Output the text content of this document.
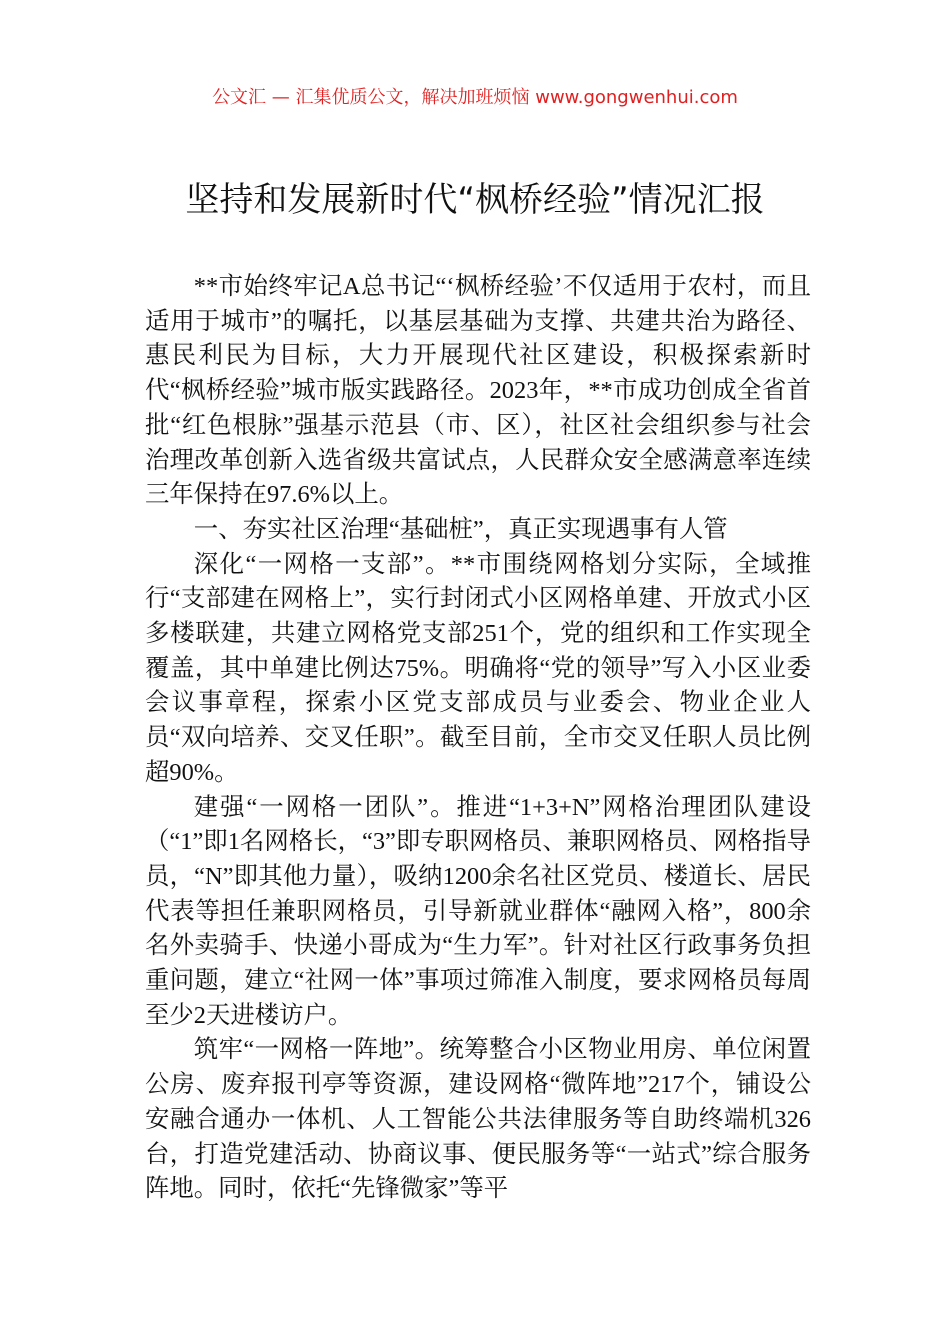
公文汇 — 汇集优质公文，解决加班烦恼 www.gongwenhui.com
坚持和发展新时代“枫桥经验”情况汇报

**市始终牢记A总书记“‘枫桥经验’不仅适用于农村，而且适用于城市”的嘱托，以基层基础为支撑、共建共治为路径、惠民利民为目标，大力开展现代社区建设，积极探索新时代“枫桥经验”城市版实践路径。2023年，**市成功创成全省首批“红色根脉”强基示范县（市、区），社区社会组织参与社会治理改革创新入选省级共富试点，人民群众安全感满意率连续三年保持在97.6%以上。

一、夯实社区治理“基础桩”，真正实现遇事有人管

深化“一网格一支部”。**市围绕网格划分实际，全域推行“支部建在网格上”，实行封闭式小区网格单建、开放式小区多楼联建，共建立网格党支部251个，党的组织和工作实现全覆盖，其中单建比例达75%。明确将“党的领导”写入小区业委会议事章程，探索小区党支部成员与业委会、物业企业人员“双向培养、交叉任职”。截至目前，全市交叉任职人员比例超90%。

建强“一网格一团队”。推进“1+3+N”网格治理团队建设（“1”即1名网格长，“3”即专职网格员、兼职网格员、网格指导员，“N”即其他力量），吸纳1200余名社区党员、楼道长、居民代表等担任兼职网格员，引导新就业群体“融网入格”，800余名外卖骑手、快递小哥成为“生力军”。针对社区行政事务负担重问题，建立“社网一体”事项过筛准入制度，要求网格员每周至少2天进楼访户。

筑牢“一网格一阵地”。统筹整合小区物业用房、单位闲置公房、废弃报刊亭等资源，建设网格“微阵地”217个，铺设公安融合通办一体机、人工智能公共法律服务等自助终端机326台，打造党建活动、协商议事、便民服务等“一站式”综合服务阵地。同时，依托“先锋微家”等平
